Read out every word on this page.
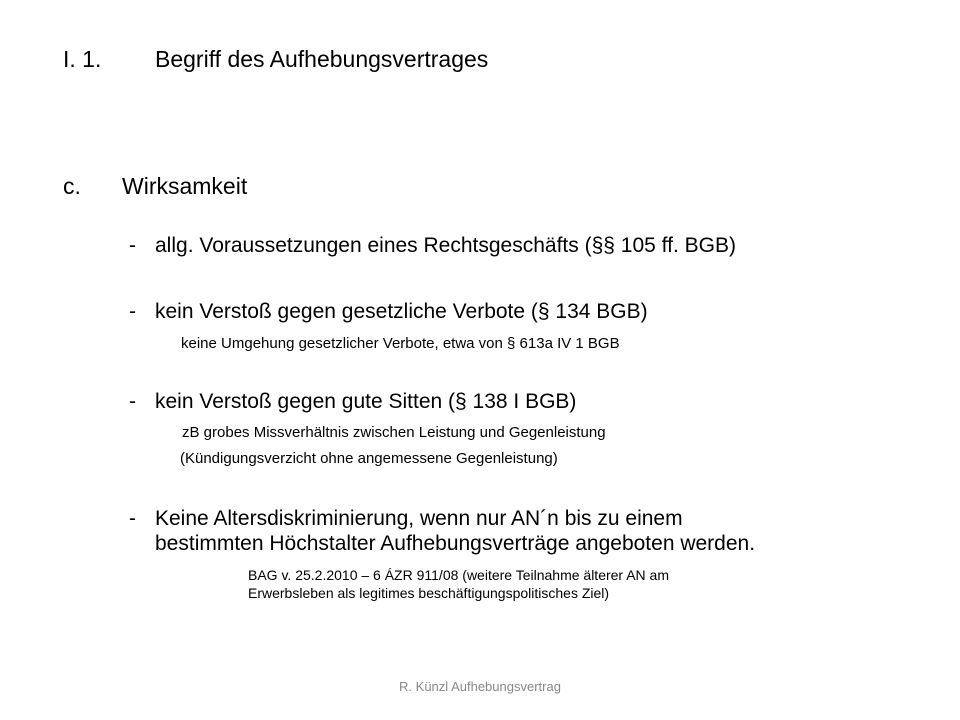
I. 1. Begriff des Aufhebungsvertrages
c. Wirksamkeit
- allg. Voraussetzungen eines Rechtsgeschäfts (§§ 105 ff. BGB)
- kein Verstoß gegen gesetzliche Verbote (§ 134 BGB)
keine Umgehung gesetzlicher Verbote, etwa von § 613a IV 1 BGB
- kein Verstoß gegen gute Sitten (§ 138 I BGB)
zB grobes Missverhältnis zwischen Leistung und Gegenleistung
(Kündigungsverzicht ohne angemessene Gegenleistung)
- Keine Altersdiskriminierung, wenn nur AN´n bis zu einem
bestimmten Höchstalter Aufhebungsverträge angeboten werden.
BAG v. 25.2.2010 – 6 ÁZR 911/08 (weitere Teilnahme älterer AN am
Erwerbsleben als legitimes beschäftigungspolitisches Ziel)
R. Künzl Aufhebungsvertrag
